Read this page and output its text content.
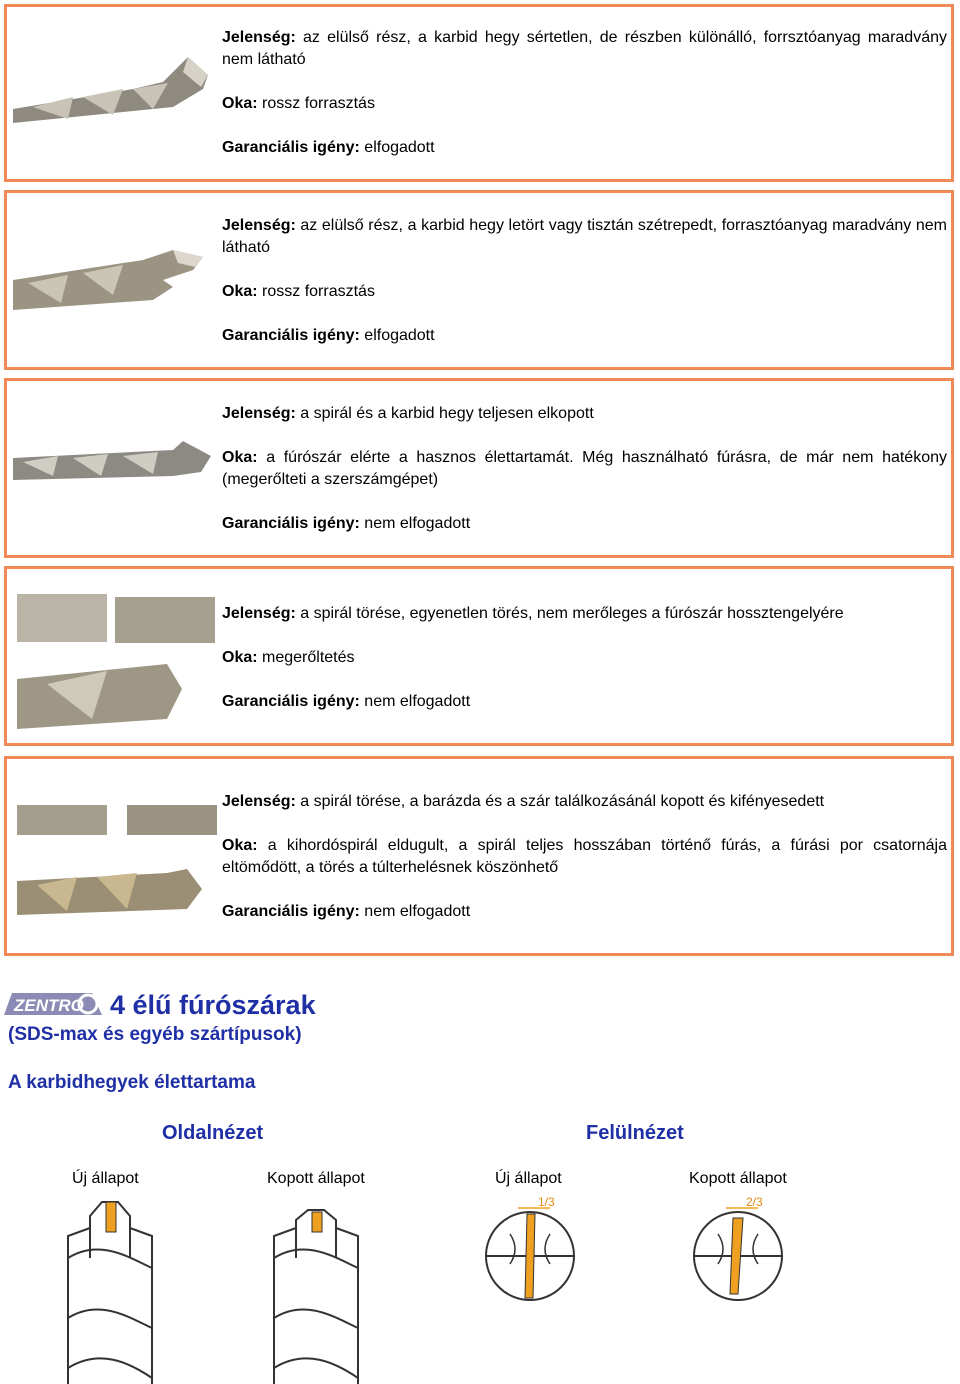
Jelenség: az elülső rész, a karbid hegy sértetlen, de részben különálló, forrsztóanyag maradvány nem látható

Oka: rossz forrasztás

Garanciális igény: elfogadott

Jelenség: az elülső rész, a karbid hegy letört vagy tisztán szétrepedt, forrasztóanyag maradvány nem látható

Oka: rossz forrasztás

Garanciális igény: elfogadott

Jelenség: a spirál és a karbid hegy teljesen elkopott

Oka: a fúrószár elérte a hasznos élettartamát. Még használható fúrásra, de már nem hatékony (megerőlteti a szerszámgépet)

Garanciális igény: nem elfogadott

Jelenség: a spirál törése, egyenetlen törés, nem merőleges a fúrószár hossztengelyére

Oka: megerőltetés

Garanciális igény: nem elfogadott

Jelenség: a spirál törése, a barázda és a szár találkozásánál kopott és kifényesedett

Oka: a kihordóspirál eldugult, a spirál teljes hosszában történő fúrás, a fúrási por csatornája eltömődött, a törés a túlterhelésnek köszönhető

Garanciális igény: nem elfogadott

ZENTRO 4 élű fúrószárak
(SDS-max és egyéb szártípusok)
A karbidhegyek élettartama
Oldalnézet	Felülnézet
Új állapot	Kopott állapot	Új állapot	Kopott állapot
1/3	2/3
